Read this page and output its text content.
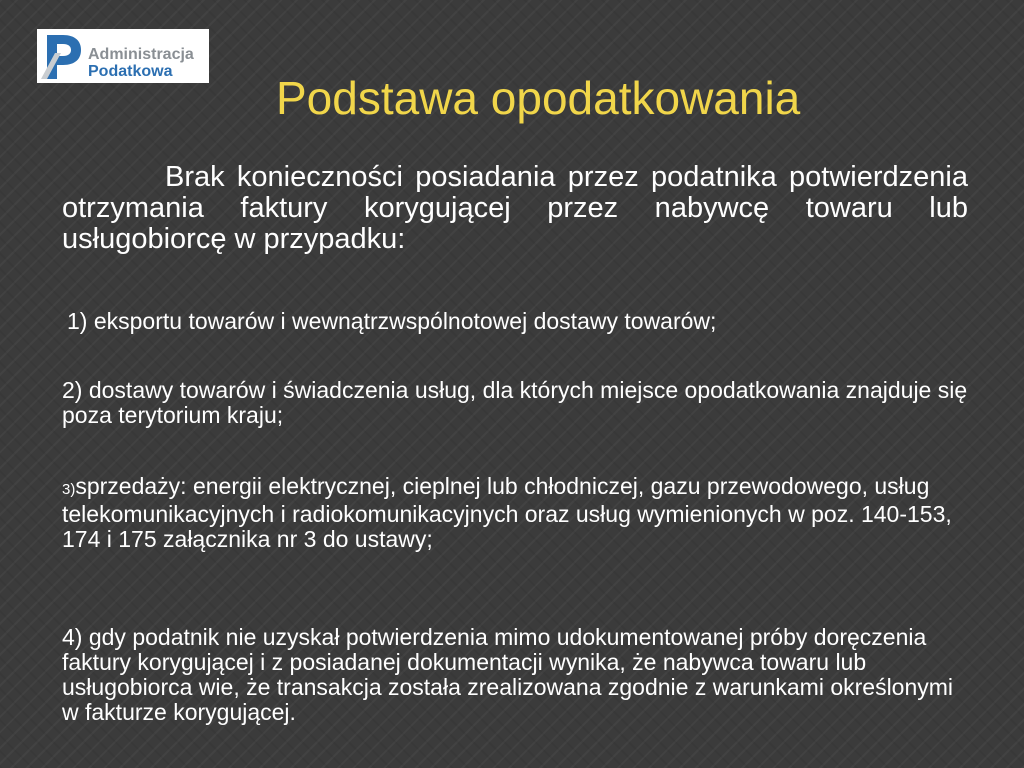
Administracja
Podatkowa
Podstawa opodatkowania

Brak konieczności posiadania przez podatnika potwierdzenia otrzymania faktury korygującej przez nabywcę towaru lub usługobiorcę w przypadku:

1) eksportu towarów i wewnątrzwspólnotowej dostawy towarów;

2) dostawy towarów i świadczenia usług, dla których miejsce opodatkowania znajduje się poza terytorium kraju;

3)sprzedaży: energii elektrycznej, cieplnej lub chłodniczej, gazu przewodowego, usług telekomunikacyjnych i radiokomunikacyjnych oraz usług wymienionych w poz. 140-153, 174 i 175 załącznika nr 3 do ustawy;

4) gdy podatnik nie uzyskał potwierdzenia mimo udokumentowanej próby doręczenia faktury korygującej i z posiadanej dokumentacji wynika, że nabywca towaru lub usługobiorca wie, że transakcja została zrealizowana zgodnie z warunkami określonymi w fakturze korygującej.
